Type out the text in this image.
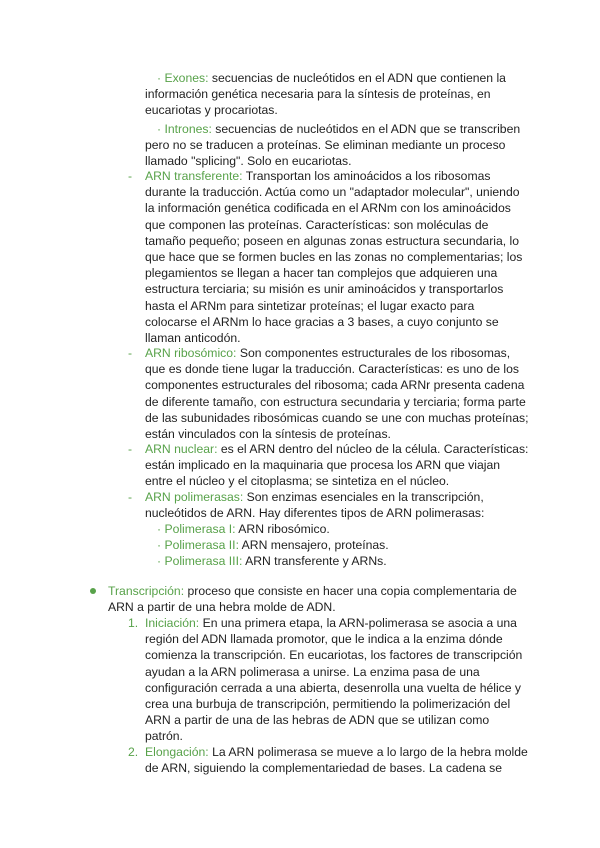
· Exones: secuencias de nucleótidos en el ADN que contienen la
información genética necesaria para la síntesis de proteínas, en
eucariotas y procariotas.
· Intrones: secuencias de nucleótidos en el ADN que se transcriben
pero no se traducen a proteínas. Se eliminan mediante un proceso
llamado "splicing". Solo en eucariotas.
- ARN transferente: Transportan los aminoácidos a los ribosomas
durante la traducción. Actúa como un "adaptador molecular", uniendo
la información genética codificada en el ARNm con los aminoácidos
que componen las proteínas. Características: son moléculas de
tamaño pequeño; poseen en algunas zonas estructura secundaria, lo
que hace que se formen bucles en las zonas no complementarias; los
plegamientos se llegan a hacer tan complejos que adquieren una
estructura terciaria; su misión es unir aminoácidos y transportarlos
hasta el ARNm para sintetizar proteínas; el lugar exacto para
colocarse el ARNm lo hace gracias a 3 bases, a cuyo conjunto se
llaman anticodón.
- ARN ribosómico: Son componentes estructurales de los ribosomas,
que es donde tiene lugar la traducción. Características: es uno de los
componentes estructurales del ribosoma; cada ARNr presenta cadena
de diferente tamaño, con estructura secundaria y terciaria; forma parte
de las subunidades ribosómicas cuando se une con muchas proteínas;
están vinculados con la síntesis de proteínas.
- ARN nuclear: es el ARN dentro del núcleo de la célula. Características:
están implicado en la maquinaria que procesa los ARN que viajan
entre el núcleo y el citoplasma; se sintetiza en el núcleo.
- ARN polimerasas: Son enzimas esenciales en la transcripción,
nucleótidos de ARN. Hay diferentes tipos de ARN polimerasas:
· Polimerasa I: ARN ribosómico.
· Polimerasa II: ARN mensajero, proteínas.
· Polimerasa III: ARN transferente y ARNs.
Transcripción: proceso que consiste en hacer una copia complementaria de
ARN a partir de una hebra molde de ADN.
1. Iniciación: En una primera etapa, la ARN-polimerasa se asocia a una
región del ADN llamada promotor, que le indica a la enzima dónde
comienza la transcripción. En eucariotas, los factores de transcripción
ayudan a la ARN polimerasa a unirse. La enzima pasa de una
configuración cerrada a una abierta, desenrolla una vuelta de hélice y
crea una burbuja de transcripción, permitiendo la polimerización del
ARN a partir de una de las hebras de ADN que se utilizan como
patrón.
2. Elongación: La ARN polimerasa se mueve a lo largo de la hebra molde
de ARN, siguiendo la complementariedad de bases. La cadena se
